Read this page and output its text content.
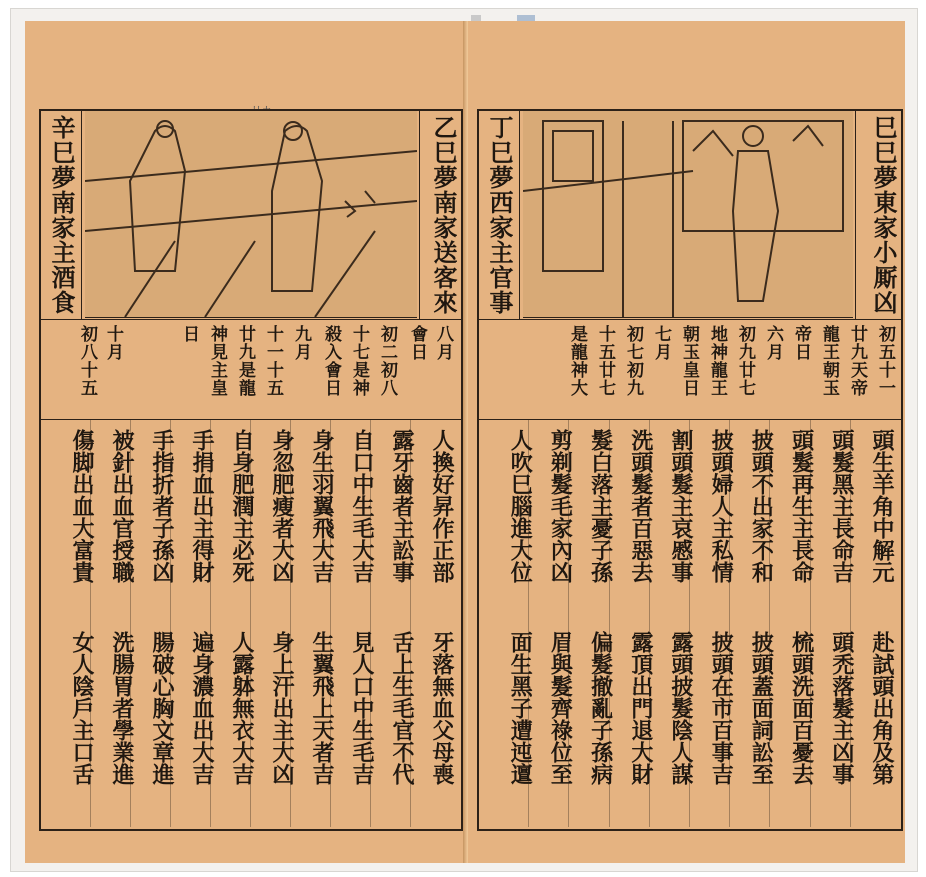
乙巳夢南家送客來
辛巳夢南家主酒食
八月
會日
初二初八
十七是神
殺入會日
九月
十一十五
廿九是龍
神見主皇
日
十月
初八十五
人換好昇作正部
牙落無血父母喪
露牙齒者主訟事
舌上生毛官不代
自口中生毛大吉
見人口中生毛吉
身生羽翼飛大吉
生翼飛上天者吉
身忽肥瘦者大凶
身上汗出主大凶
自身肥潤主必死
人露躰無衣大吉
手捐血出主得財
遍身濃血出大吉
手指折者子孫凶
腸破心胸文章進
被針出血官授職
洗腸胃者學業進
傷脚出血大富貴
女人陰戶主口舌
巳巳夢東家小厮凶
丁巳夢西家主官事
初五十一
廿九天帝
龍王朝玉
帝日
六月
初九廿七
地神龍王
朝玉皇日
七月
初七初九
十五廿七
是龍神大
頭生羊角中解元
赴試頭出角及第
頭髮黑主長命吉
頭禿落髮主凶事
頭髮再生主長命
梳頭洗面百憂去
披頭不出家不和
披頭蓋面詞訟至
披頭婦人主私情
披頭在市百事吉
割頭髮主哀慼事
露頭披髮陰人謀
洗頭髮者百惡去
露頂出門退大財
髮白落主憂子孫
偏髮撤亂子孫病
剪剃髮毛家內凶
眉與髮齊祿位至
人吹巳腦進大位
面生黑子遭迍邅
